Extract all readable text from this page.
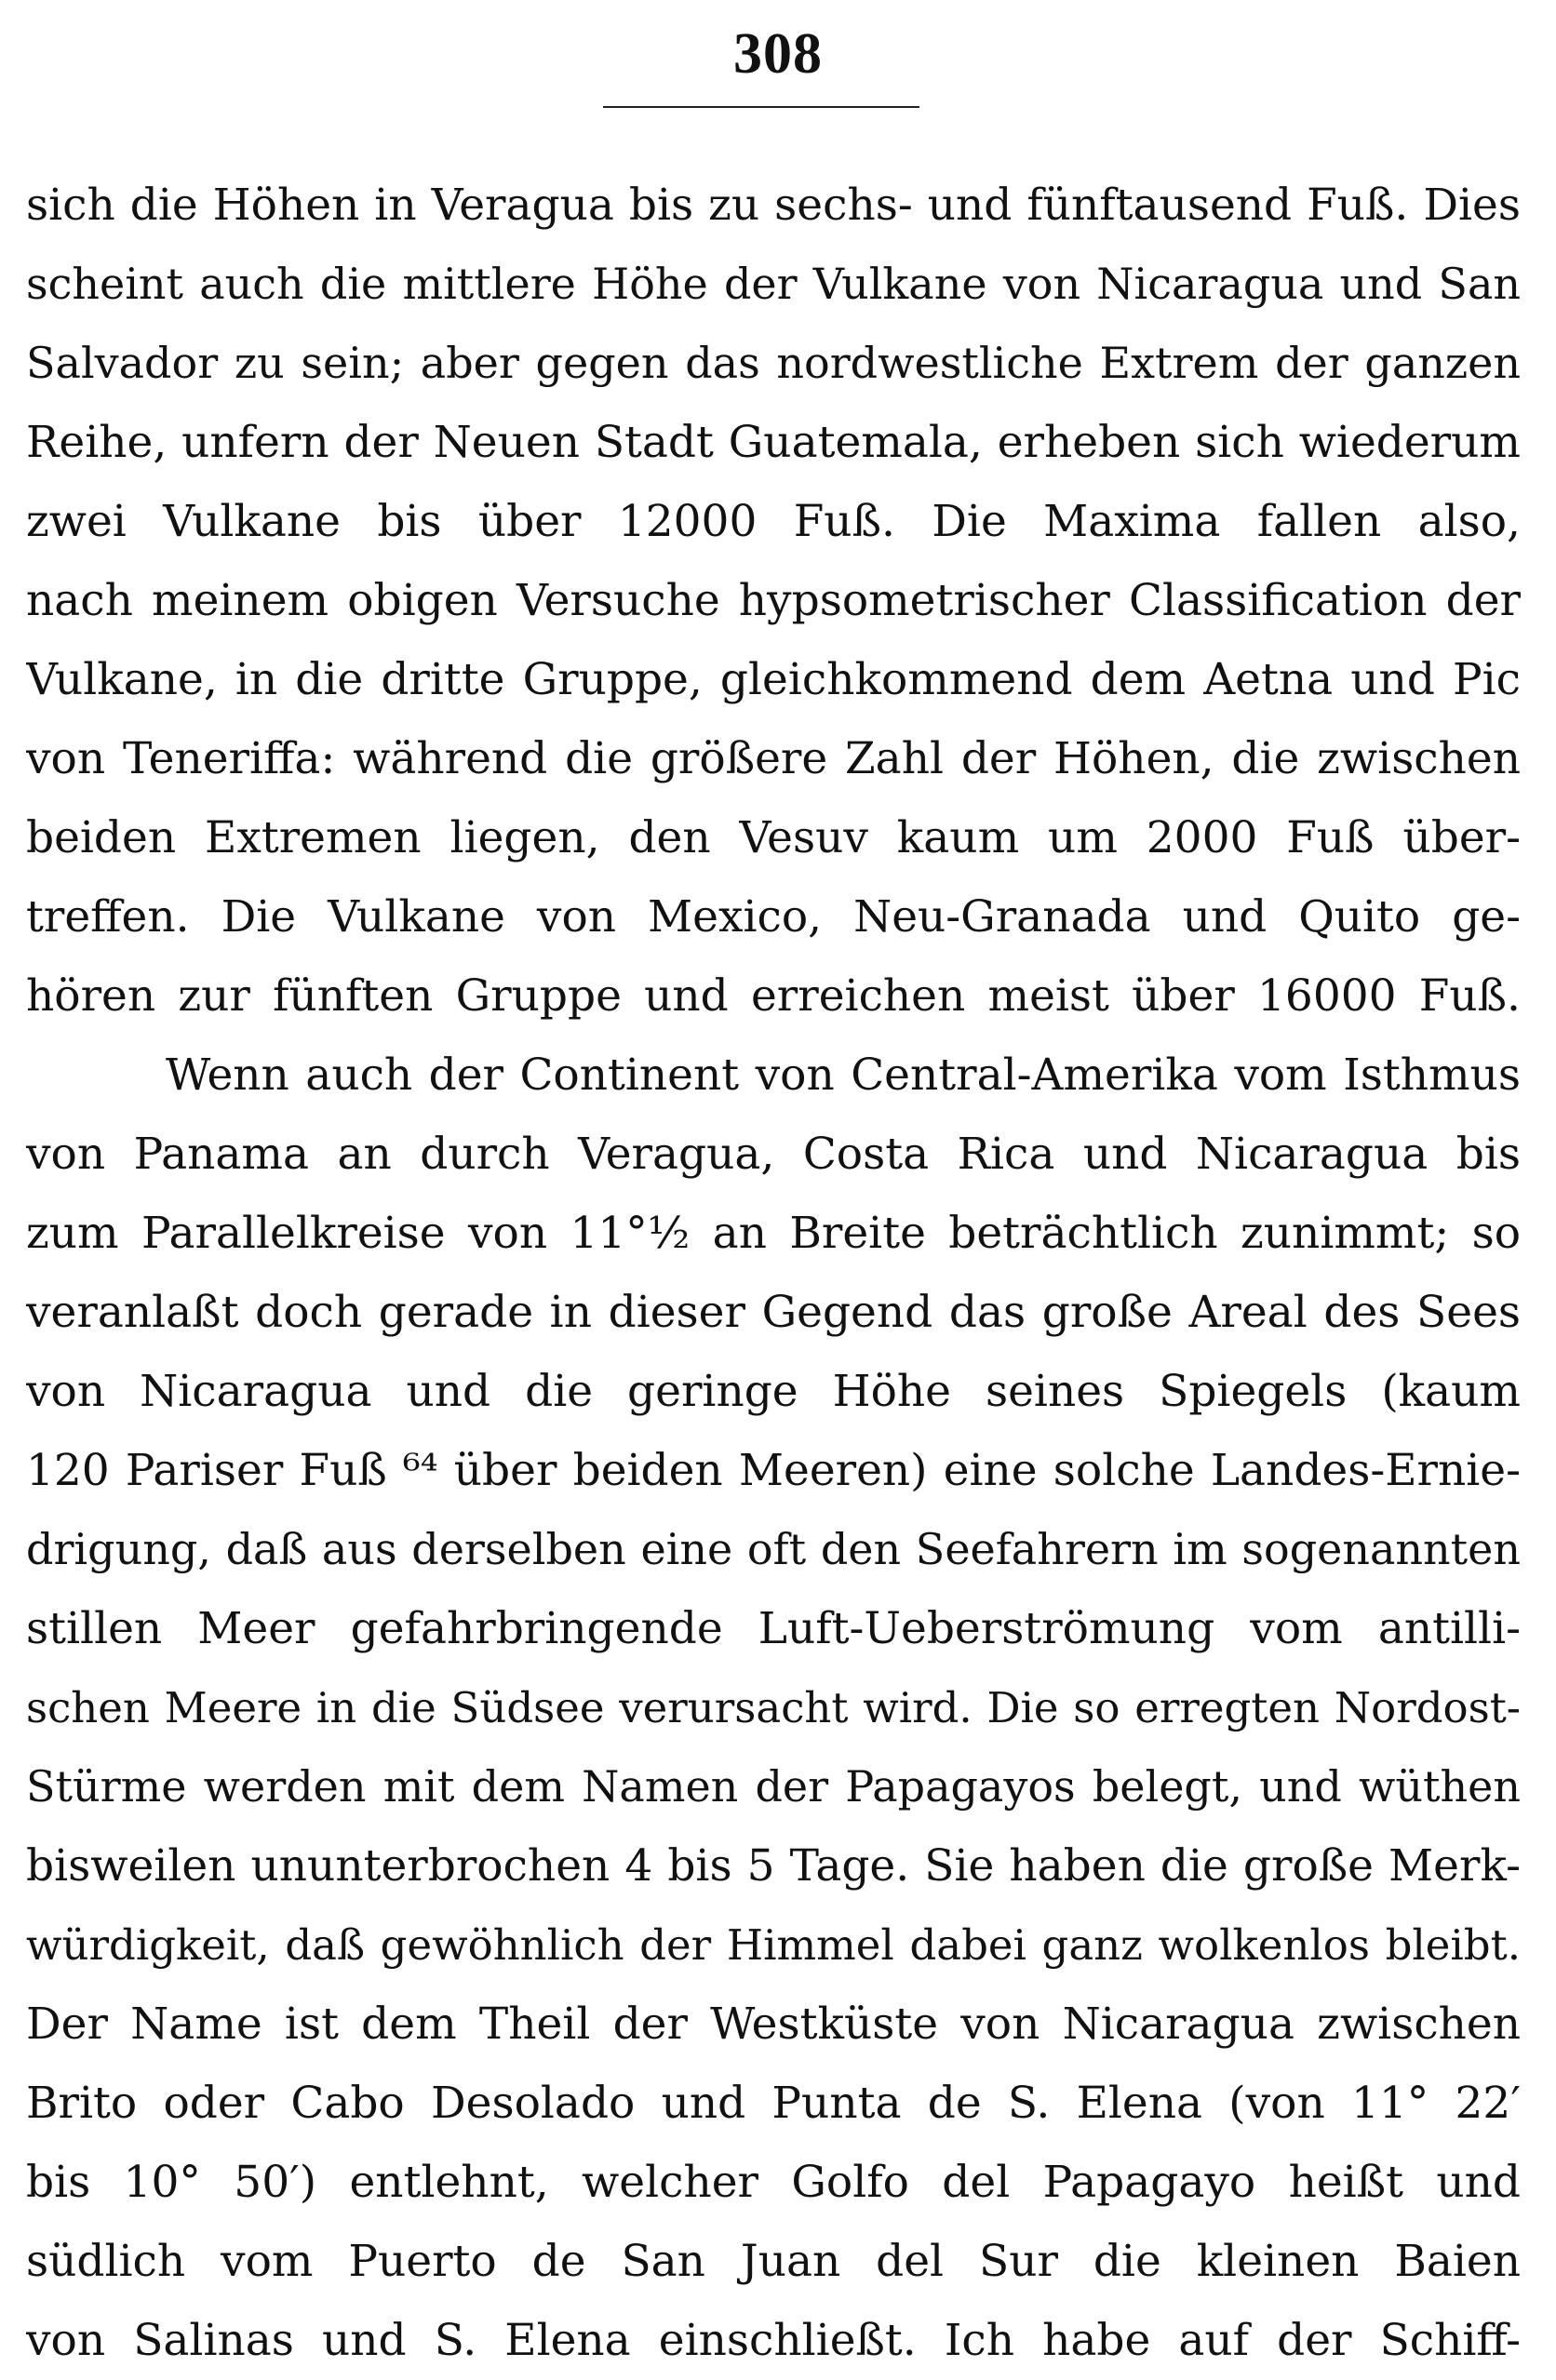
308
sich die Höhen in Veragua bis zu sechs- und fünftausend Fuß. Dies
scheint auch die mittlere Höhe der Vulkane von Nicaragua und San
Salvador zu sein; aber gegen das nordwestliche Extrem der ganzen
Reihe, unfern der Neuen Stadt Guatemala, erheben sich wiederum
zwei Vulkane bis über 12000 Fuß. Die Maxima fallen also,
nach meinem obigen Versuche hypsometrischer Classification der
Vulkane, in die dritte Gruppe, gleichkommend dem Aetna und Pic
von Teneriffa: während die größere Zahl der Höhen, die zwischen
beiden Extremen liegen, den Vesuv kaum um 2000 Fuß über-
treffen. Die Vulkane von Mexico, Neu-Granada und Quito ge-
hören zur fünften Gruppe und erreichen meist über 16000 Fuß.
Wenn auch der Continent von Central-Amerika vom Isthmus
von Panama an durch Veragua, Costa Rica und Nicaragua bis
zum Parallelkreise von 11°½ an Breite beträchtlich zunimmt; so
veranlaßt doch gerade in dieser Gegend das große Areal des Sees
von Nicaragua und die geringe Höhe seines Spiegels (kaum
120 Pariser Fuß ⁶⁴ über beiden Meeren) eine solche Landes-Ernie-
drigung, daß aus derselben eine oft den Seefahrern im sogenannten
stillen Meer gefahrbringende Luft-Ueberströmung vom antilli-
schen Meere in die Südsee verursacht wird. Die so erregten Nordost-
Stürme werden mit dem Namen der Papagayos belegt, und wüthen
bisweilen ununterbrochen 4 bis 5 Tage. Sie haben die große Merk-
würdigkeit, daß gewöhnlich der Himmel dabei ganz wolkenlos bleibt.
Der Name ist dem Theil der Westküste von Nicaragua zwischen
Brito oder Cabo Desolado und Punta de S. Elena (von 11° 22′
bis 10° 50′) entlehnt, welcher Golfo del Papagayo heißt und
südlich vom Puerto de San Juan del Sur die kleinen Baien
von Salinas und S. Elena einschließt. Ich habe auf der Schiff-
